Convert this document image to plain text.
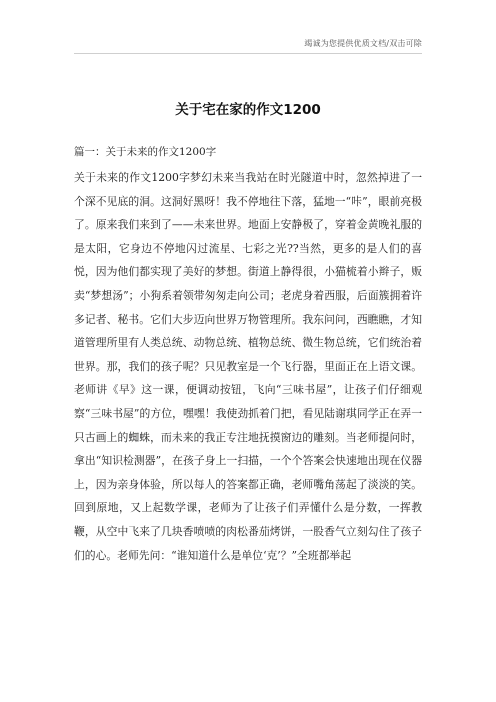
竭诚为您提供优质文档/双击可除
关于宅在家的作文1200
篇一：关于未来的作文1200字

关于未来的作文1200字梦幻未来当我站在时光隧道中时，忽然掉进了一个深不见底的洞。这洞好黑呀！我不停地往下落，猛地一“咔”，眼前亮极了。原来我们来到了——未来世界。地面上安静极了，穿着金黄晚礼服的是太阳，它身边不停地闪过流星、七彩之光??当然，更多的是人们的喜悦，因为他们都实现了美好的梦想。街道上静得很，小猫梳着小辫子，贩卖“梦想汤”；小狗系着领带匆匆走向公司；老虎身着西服，后面簇拥着许多记者、秘书。它们大步迈向世界万物管理所。我东问问，西瞧瞧，才知道管理所里有人类总统、动物总统、植物总统、微生物总统，它们统治着世界。那，我们的孩子呢？只见教室是一个飞行器，里面正在上语文课。老师讲《早》这一课，便调动按钮，飞向“三味书屋”，让孩子们仔细观察“三味书屋”的方位，嘿嘿！我使劲抓着门把，看见陆谢琪同学正在弄一只古画上的蜘蛛，而未来的我正专注地抚摸窗边的雕刻。当老师提问时，拿出“知识检测器”，在孩子身上一扫描，一个个答案会快速地出现在仪器上，因为亲身体验，所以每人的答案都正确，老师嘴角荡起了淡淡的笑。回到原地，又上起数学课，老师为了让孩子们弄懂什么是分数，一挥教鞭，从空中飞来了几块香喷喷的肉松番茄烤饼，一股香气立刻勾住了孩子们的心。老师先问：“谁知道什么是单位‘克’？”全班都举起
